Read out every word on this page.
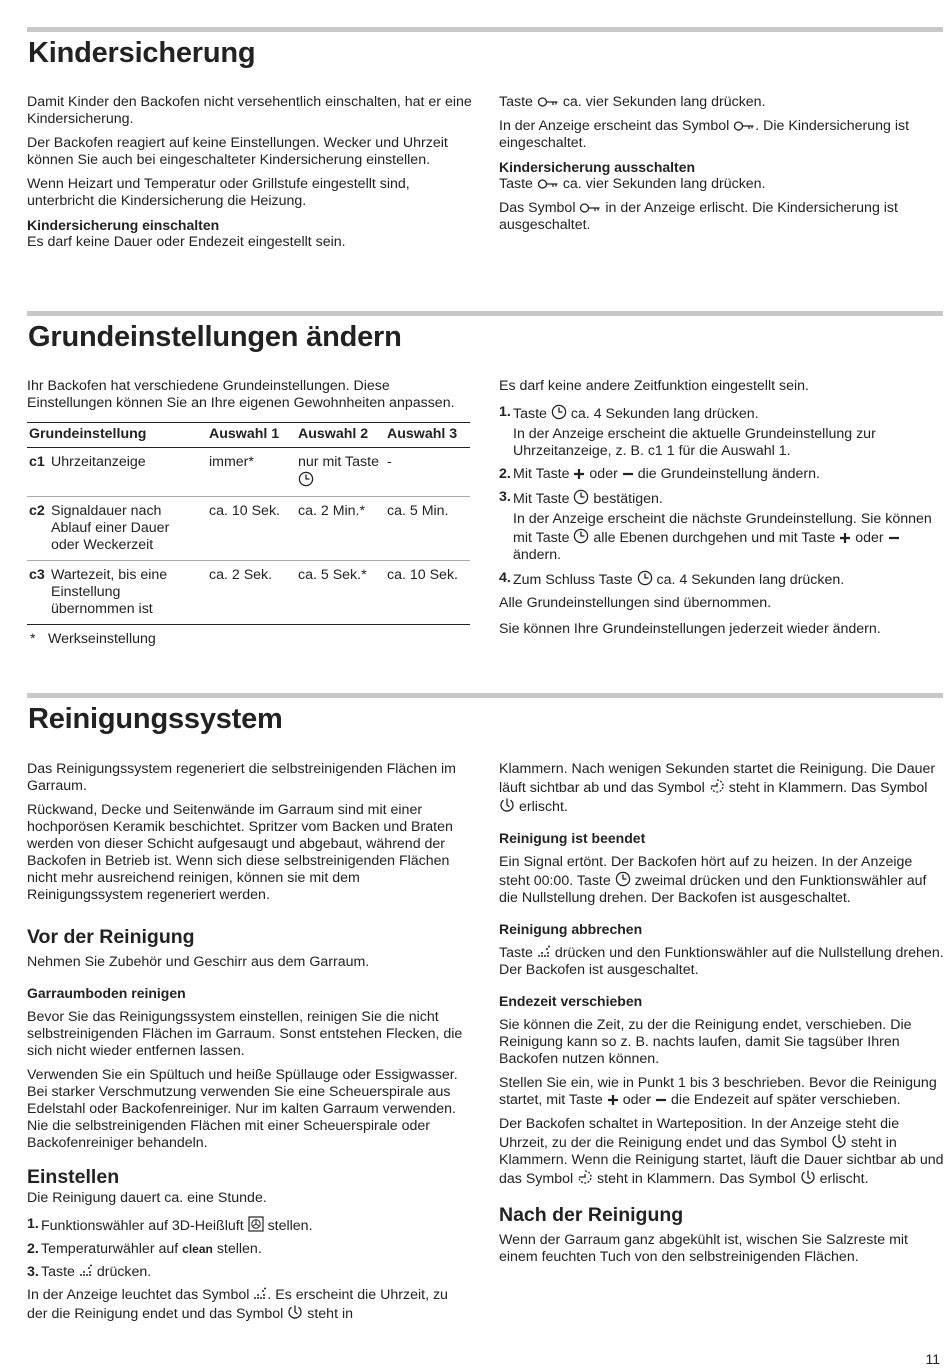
Kindersicherung

Damit Kinder den Backofen nicht versehentlich einschalten, hat er eine Kindersicherung.

Der Backofen reagiert auf keine Einstellungen. Wecker und Uhrzeit können Sie auch bei eingeschalteter Kindersicherung einstellen.

Wenn Heizart und Temperatur oder Grillstufe eingestellt sind, unterbricht die Kindersicherung die Heizung.

Kindersicherung einschalten

Es darf keine Dauer oder Endezeit eingestellt sein.

Taste ca. vier Sekunden lang drücken.

In der Anzeige erscheint das Symbol . Die Kindersicherung ist eingeschaltet.

Kindersicherung ausschalten

Taste ca. vier Sekunden lang drücken.

Das Symbol in der Anzeige erlischt. Die Kindersicherung ist ausgeschaltet.

Grundeinstellungen ändern

Ihr Backofen hat verschiedene Grundeinstellungen. Diese Einstellungen können Sie an Ihre eigenen Gewohnheiten anpassen.

Grundeinstellung	Auswahl 1	Auswahl 2	Auswahl 3
c1 Uhrzeitanzeige	immer*	nur mit Taste	-
c2 Signaldauer nach Ablauf einer Dauer oder Weckerzeit	ca. 10 Sek.	ca. 2 Min.*	ca. 5 Min.
c3 Wartezeit, bis eine Einstellung übernommen ist	ca. 2 Sek.	ca. 5 Sek.*	ca. 10 Sek.
* Werkseinstellung

Es darf keine andere Zeitfunktion eingestellt sein.

1. Taste ca. 4 Sekunden lang drücken.

In der Anzeige erscheint die aktuelle Grundeinstellung zur Uhrzeitanzeige, z. B. c1 1 für die Auswahl 1.
2. Mit Taste oder die Grundeinstellung ändern.
3. Mit Taste bestätigen.

In der Anzeige erscheint die nächste Grundeinstellung. Sie können mit Taste alle Ebenen durchgehen und mit Taste oder  ändern.
4. Zum Schluss Taste ca. 4 Sekunden lang drücken.

Alle Grundeinstellungen sind übernommen.

Sie können Ihre Grundeinstellungen jederzeit wieder ändern.

Reinigungssystem

Das Reinigungssystem regeneriert die selbstreinigenden Flächen im Garraum.

Rückwand, Decke und Seitenwände im Garraum sind mit einer hochporösen Keramik beschichtet. Spritzer vom Backen und Braten werden von dieser Schicht aufgesaugt und abgebaut, während der Backofen in Betrieb ist. Wenn sich diese selbstreinigenden Flächen nicht mehr ausreichend reinigen, können sie mit dem Reinigungssystem regeneriert werden.

Vor der Reinigung

Nehmen Sie Zubehör und Geschirr aus dem Garraum.

Garraumboden reinigen

Bevor Sie das Reinigungssystem einstellen, reinigen Sie die nicht selbstreinigenden Flächen im Garraum. Sonst entstehen Flecken, die sich nicht wieder entfernen lassen.

Verwenden Sie ein Spültuch und heiße Spüllauge oder Essigwasser. Bei starker Verschmutzung verwenden Sie eine Scheuerspirale aus Edelstahl oder Backofenreiniger. Nur im kalten Garraum verwenden. Nie die selbstreinigenden Flächen mit einer Scheuerspirale oder Backofenreiniger behandeln.

Einstellen

Die Reinigung dauert ca. eine Stunde.

1. Funktionswähler auf 3D-Heißluft stellen.
2. Temperaturwähler auf clean stellen.
3. Taste drücken.

In der Anzeige leuchtet das Symbol . Es erscheint die Uhrzeit, zu der die Reinigung endet und das Symbol steht in

Klammern. Nach wenigen Sekunden startet die Reinigung. Die Dauer läuft sichtbar ab und das Symbol steht in Klammern. Das Symbol  erlischt.

Reinigung ist beendet

Ein Signal ertönt. Der Backofen hört auf zu heizen. In der Anzeige steht 00:00. Taste zweimal drücken und den Funktionswähler auf die Nullstellung drehen. Der Backofen ist ausgeschaltet.

Reinigung abbrechen

Taste drücken und den Funktionswähler auf die Nullstellung drehen. Der Backofen ist ausgeschaltet.

Endezeit verschieben

Sie können die Zeit, zu der die Reinigung endet, verschieben. Die Reinigung kann so z. B. nachts laufen, damit Sie tagsüber Ihren Backofen nutzen können.

Stellen Sie ein, wie in Punkt 1 bis 3 beschrieben. Bevor die Reinigung startet, mit Taste oder die Endezeit auf später verschieben.

Der Backofen schaltet in Warteposition. In der Anzeige steht die Uhrzeit, zu der die Reinigung endet und das Symbol steht in Klammern. Wenn die Reinigung startet, läuft die Dauer sichtbar ab und das Symbol steht in Klammern. Das Symbol erlischt.

Nach der Reinigung

Wenn der Garraum ganz abgekühlt ist, wischen Sie Salzreste mit einem feuchten Tuch von den selbstreinigenden Flächen.

11
